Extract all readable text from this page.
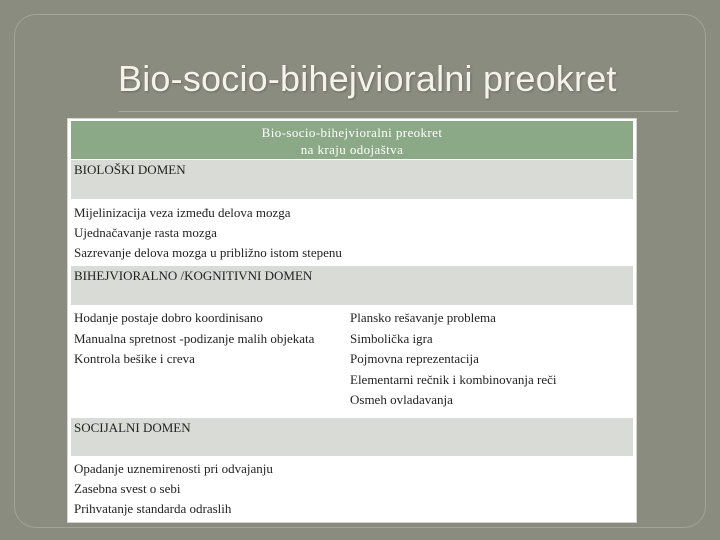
Bio-socio-bihejvioralni preokret
Bio-socio-bihejvioralni preokret
na kraju odojaštva
BIOLOŠKI DOMEN
Mijelinizacija veza između delova mozga
Ujednačavanje rasta mozga
Sazrevanje delova mozga u približno istom stepenu
BIHEJVIORALNO /KOGNITIVNI DOMEN
Hodanje postaje dobro koordinisano
Manualna spretnost -podizanje malih objekata
Kontrola bešike i creva
Plansko rešavanje problema
Simbolička igra
Pojmovna reprezentacija
Elementarni rečnik i kombinovanja reči
Osmeh ovladavanja
SOCIJALNI DOMEN
Opadanje uznemirenosti pri odvajanju
Zasebna svest o sebi
Prihvatanje standarda odraslih
